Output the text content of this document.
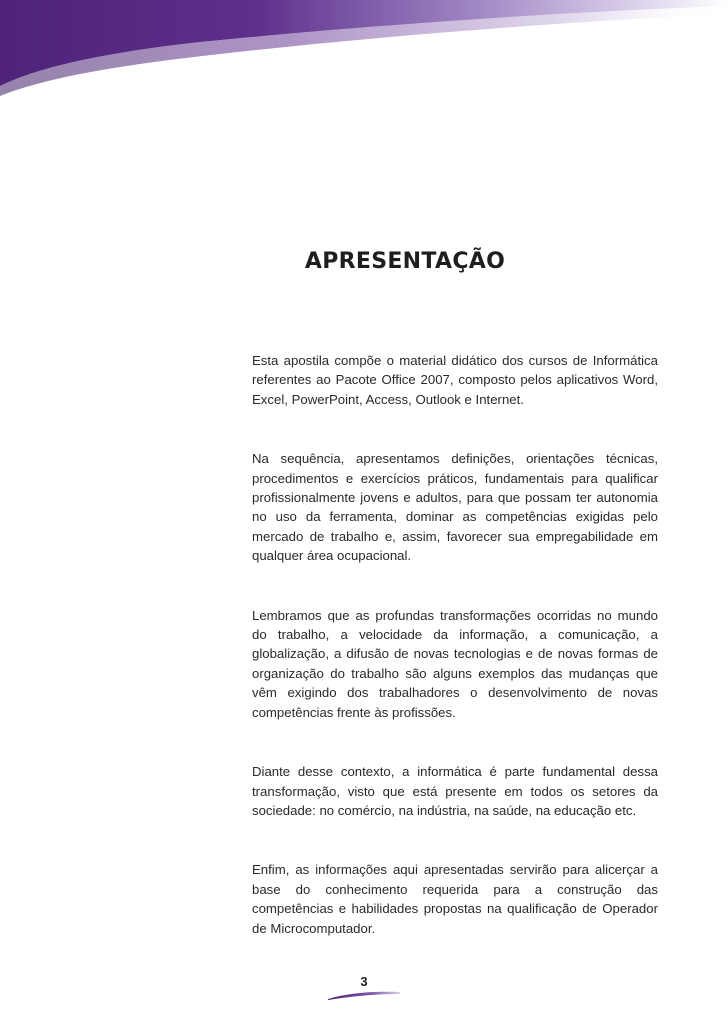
APRESENTAÇÃO

Esta apostila compõe o material didático dos cursos de Informática referentes ao Pacote Office 2007, composto pelos aplicativos Word, Excel, PowerPoint, Access, Outlook e Internet.

Na sequência, apresentamos definições, orientações técnicas, procedimentos e exercícios práticos, fundamentais para qualificar profissionalmente jovens e adultos, para que possam ter autonomia no uso da ferramenta, dominar as competências exigidas pelo mercado de trabalho e, assim, favorecer sua empregabilidade em qualquer área ocupacional.

Lembramos que as profundas transformações ocorridas no mundo do trabalho, a velocidade da informação, a comunicação, a globalização, a difusão de novas tecnologias e de novas formas de organização do trabalho são alguns exemplos das mudanças que vêm exigindo dos trabalhadores o desenvolvimento de novas competências frente às profissões.

Diante desse contexto, a informática é parte fundamental dessa transformação, visto que está presente em todos os setores da sociedade: no comércio, na indústria, na saúde, na educação etc.

Enfim, as informações aqui apresentadas servirão para alicerçar a base do conhecimento requerida para a construção das competências e habilidades propostas na qualificação de Operador de Microcomputador.

3
